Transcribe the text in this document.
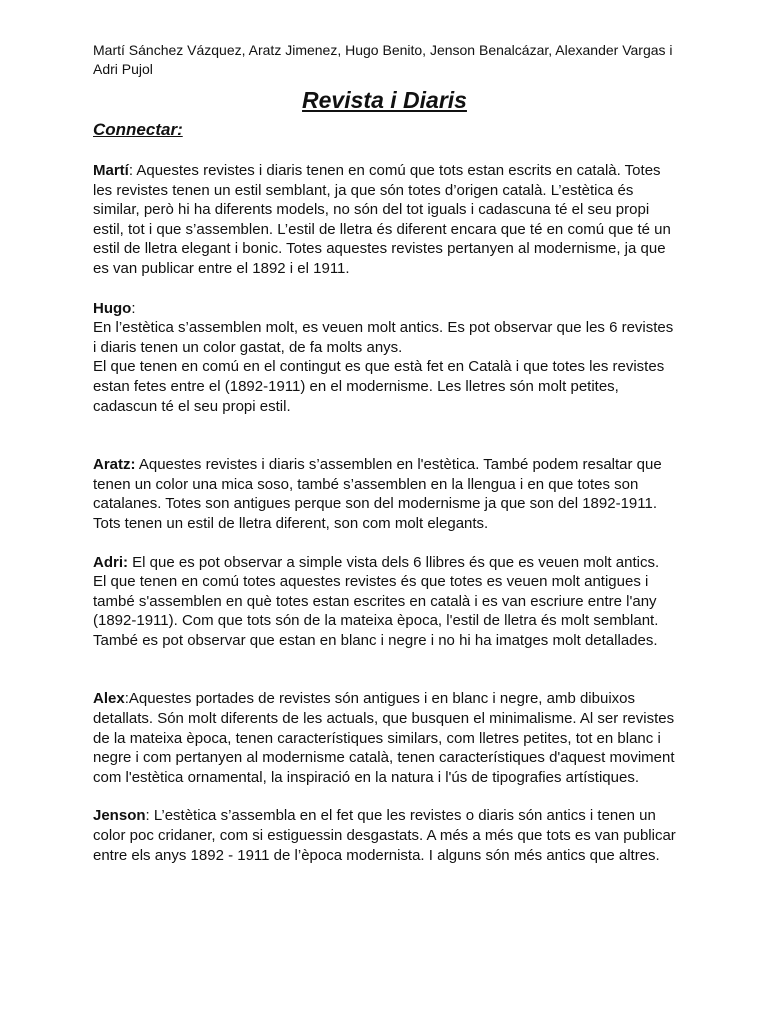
Martí Sánchez Vázquez, Aratz Jimenez, Hugo Benito, Jenson Benalcázar, Alexander Vargas i Adri Pujol

Revista i Diaris
Connectar:

Martí: Aquestes revistes i diaris tenen en comú que tots estan escrits en català. Totes les revistes tenen un estil semblant, ja que són totes d’origen català. L’estètica és similar, però hi ha diferents models, no són del tot iguals i cadascuna té el seu propi estil, tot i que s’assemblen. L’estil de lletra és diferent encara que té en comú que té un estil de lletra elegant i bonic. Totes aquestes revistes pertanyen al modernisme, ja que es van publicar entre el 1892 i el 1911.

Hugo:

En l’estètica s’assemblen molt, es veuen molt antics. Es pot observar que les 6 revistes i diaris tenen un color gastat, de fa molts anys.

El que tenen en comú en el contingut es que està fet en Català i que totes les revistes estan fetes entre el (1892-1911) en el modernisme. Les lletres són molt petites, cadascun té el seu propi estil.

Aratz: Aquestes revistes i diaris s’assemblen en l'estètica. També podem resaltar que tenen un color una mica soso, també s’assemblen en la llengua i en que totes son catalanes. Totes son antigues perque son del modernisme ja que son del 1892-1911. Tots tenen un estil de lletra diferent, son com molt elegants.

Adri: El que es pot observar a simple vista dels 6 llibres és que es veuen molt antics. El que tenen en comú totes aquestes revistes és que totes es veuen molt antigues i també s'assemblen en què totes estan escrites en català i es van escriure entre l'any (1892-1911). Com que tots són de la mateixa època, l'estil de lletra és molt semblant. També es pot observar que estan en blanc i negre i no hi ha imatges molt detallades.

Alex:Aquestes portades de revistes són antigues i en blanc i negre, amb dibuixos detallats. Són molt diferents de les actuals, que busquen el minimalisme. Al ser revistes de la mateixa època, tenen característiques similars, com lletres petites, tot en blanc i negre i com pertanyen al modernisme català, tenen característiques d'aquest moviment com l'estètica ornamental, la inspiració en la natura i l'ús de tipografies artístiques.

Jenson: L’estètica s’assembla en el fet que les revistes o diaris són antics i tenen un color poc cridaner, com si estiguessin desgastats. A més a més que tots es van publicar entre els anys 1892 - 1911 de l’època modernista. I alguns són més antics que altres.
